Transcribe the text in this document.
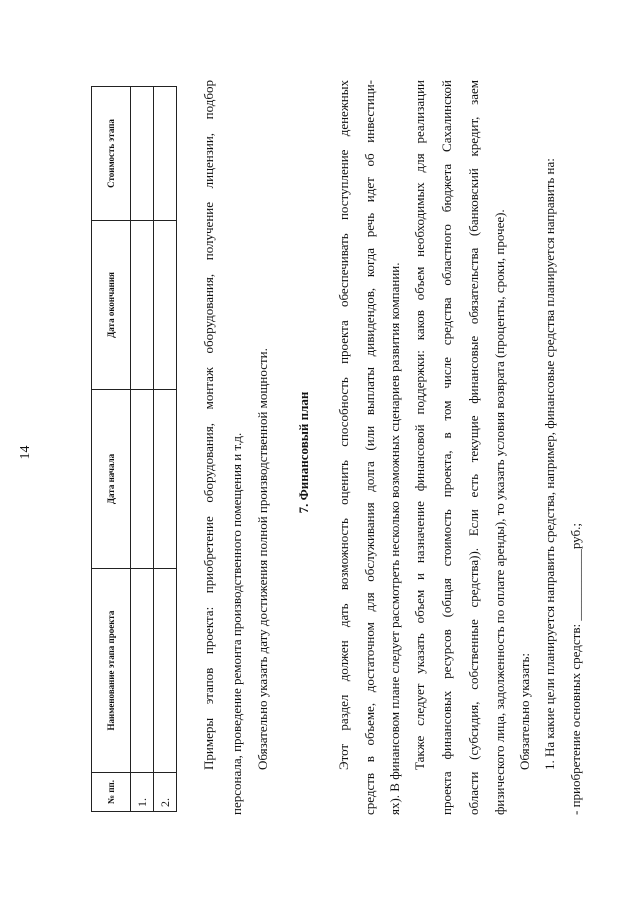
14
№ пп.	Наименование этапа проекта	Дата начала	Дата окончания	Стоимость этапа
1.				
2.				
Примеры этапов проекта: приобретение оборудования, монтаж оборудования, получение лицензии, подбор	персонала, проведение ремонта производственного помещения и т.д. Обязательно указать дату достижения полной производственной мощности.	7. Финансовый план	Этот раздел должен дать возможность оценить способность проекта обеспечивать поступление денежных средств в объеме, достаточном для обслуживания долга (или выплаты дивидендов, когда речь идет об инвестици- ях). В финансовом плане следует рассмотреть несколько возможных сценариев развития компании. Также следует указать объем и назначение финансовой поддержки: каков объем необходимых для реализации проекта финансовых ресурсов (общая стоимость проекта, в том числе средства областного бюджета Сахалинской области (субсидия, собственные средства)). Если есть текущие финансовые обязательства (банковский кредит, заем физического лица, задолженность по оплате аренды), то указать условия возврата (проценты, сроки, прочее). Обязательно указать: 1. На какие цели планируется направить средства, например, финансовые средства планируется направить на: - приобретение основных средств: ___________руб.;
